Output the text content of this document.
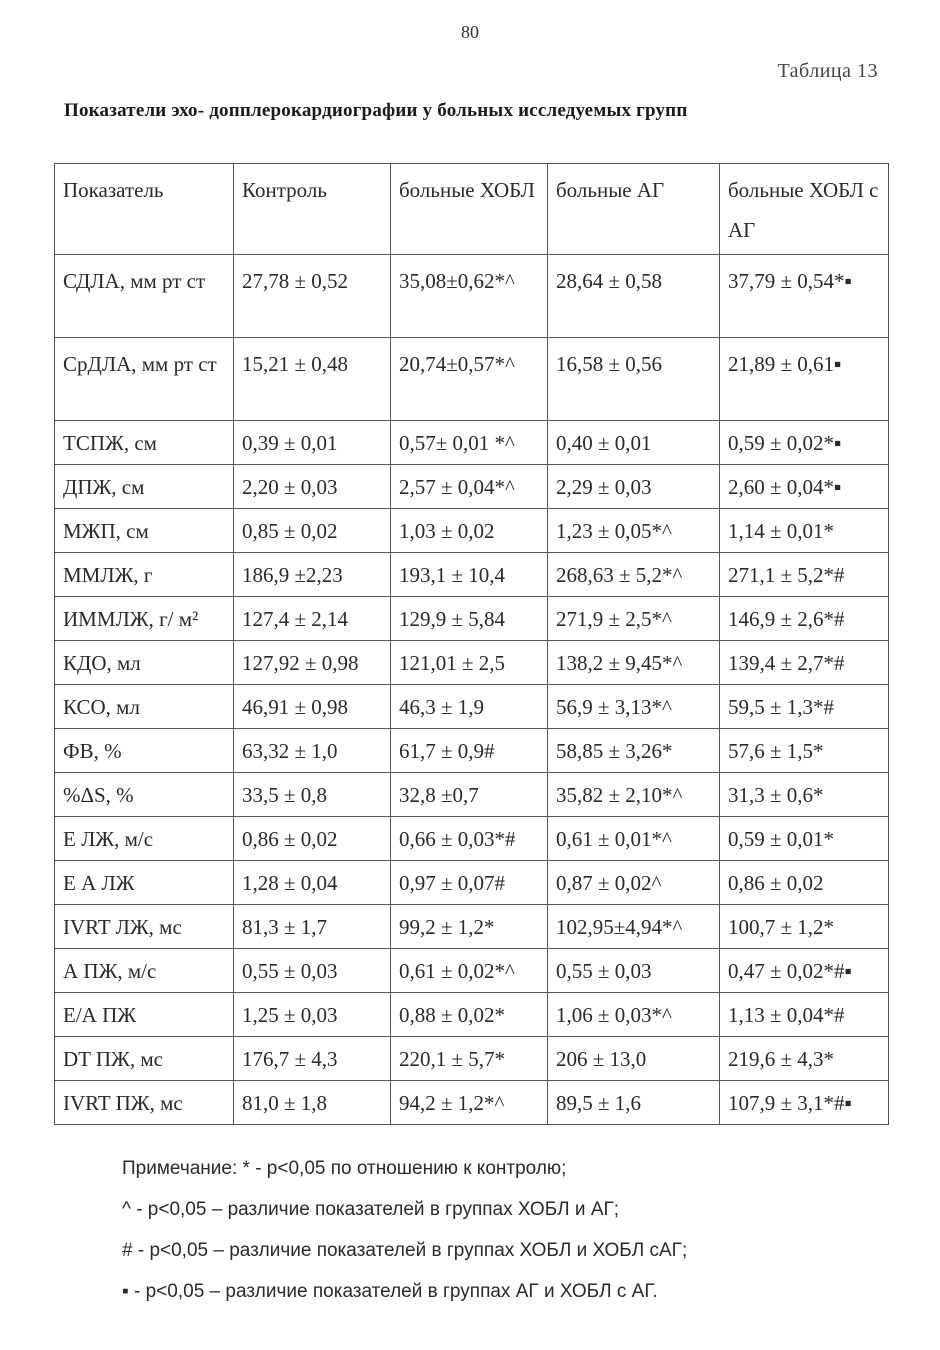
80
Таблица 13
Показатели эхо- допплерокардиографии у больных исследуемых групп
Показатель	Контроль	больные ХОБЛ	больные АГ	больные ХОБЛ с АГ
СДЛА, мм рт ст	27,78 ± 0,52	35,08±0,62*^	28,64 ± 0,58	37,79 ± 0,54*▪
СрДЛА, мм рт ст	15,21 ± 0,48	20,74±0,57*^	16,58 ± 0,56	21,89 ± 0,61▪
ТСПЖ, см	0,39 ± 0,01	0,57± 0,01 *^	0,40 ± 0,01	0,59 ± 0,02*▪
ДПЖ, см	2,20 ± 0,03	2,57 ± 0,04*^	2,29 ± 0,03	2,60 ± 0,04*▪
МЖП, см	0,85 ± 0,02	1,03 ± 0,02	1,23 ± 0,05*^	1,14 ± 0,01*
ММЛЖ, г	186,9 ±2,23	193,1 ± 10,4	268,63 ± 5,2*^	271,1 ± 5,2*#
ИММЛЖ, г/ м²	127,4 ± 2,14	129,9 ± 5,84	271,9 ± 2,5*^	146,9 ± 2,6*#
КДО, мл	127,92 ± 0,98	121,01 ± 2,5	138,2 ± 9,45*^	139,4 ± 2,7*#
КСО, мл	46,91 ± 0,98	46,3 ± 1,9	56,9 ± 3,13*^	59,5 ± 1,3*#
ФВ, %	63,32 ± 1,0	61,7 ± 0,9#	58,85 ± 3,26*	57,6 ± 1,5*
%ΔS, %	33,5 ± 0,8	32,8 ±0,7	35,82 ± 2,10*^	31,3 ± 0,6*
Е ЛЖ, м/с	0,86 ± 0,02	0,66 ± 0,03*#	0,61 ± 0,01*^	0,59 ± 0,01*
Е А ЛЖ	1,28 ± 0,04	0,97 ± 0,07#	0,87 ± 0,02^	0,86 ± 0,02
IVRT ЛЖ, мс	81,3 ± 1,7	99,2 ± 1,2*	102,95±4,94*^	100,7 ± 1,2*
А ПЖ, м/с	0,55 ± 0,03	0,61 ± 0,02*^	0,55 ± 0,03	0,47 ± 0,02*#▪
Е/А ПЖ	1,25 ± 0,03	0,88 ± 0,02*	1,06 ± 0,03*^	1,13 ± 0,04*#
DT ПЖ, мс	176,7 ± 4,3	220,1 ± 5,7*	206 ± 13,0	219,6 ± 4,3*
IVRT ПЖ, мс	81,0 ± 1,8	94,2 ± 1,2*^	89,5 ± 1,6	107,9 ± 3,1*#▪
Примечание: * - р<0,05 по отношению к контролю;
^ - р<0,05 – различие показателей в группах ХОБЛ и АГ;
# - р<0,05 – различие показателей в группах ХОБЛ и ХОБЛ сАГ;
▪ - р<0,05 – различие показателей в группах АГ и ХОБЛ с АГ.
